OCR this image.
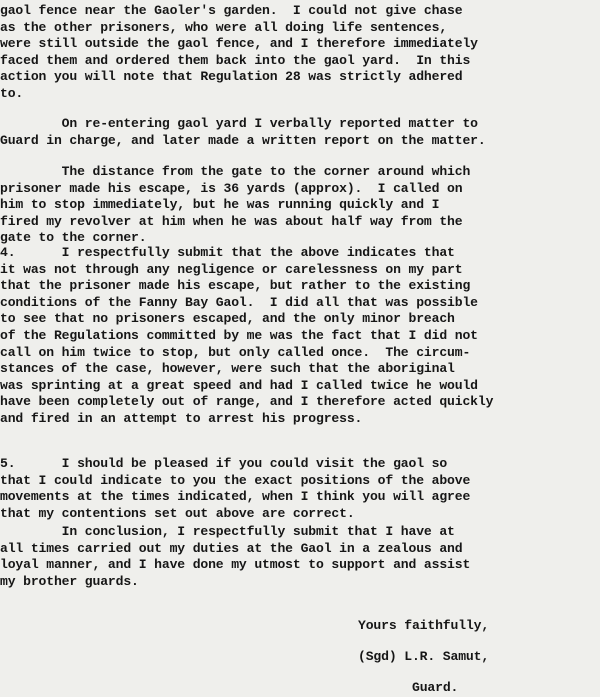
gaol fence near the Gaoler's garden.  I could not give chase
as the other prisoners, who were all doing life sentences,
were still outside the gaol fence, and I therefore immediately
faced them and ordered them back into the gaol yard.  In this
action you will note that Regulation 28 was strictly adhered
to.
On re-entering gaol yard I verbally reported matter to
Guard in charge, and later made a written report on the matter.
The distance from the gate to the corner around which
prisoner made his escape, is 36 yards (approx).  I called on
him to stop immediately, but he was running quickly and I
fired my revolver at him when he was about half way from the
gate to the corner.
4.      I respectfully submit that the above indicates that
it was not through any negligence or carelessness on my part
that the prisoner made his escape, but rather to the existing
conditions of the Fanny Bay Gaol.  I did all that was possible
to see that no prisoners escaped, and the only minor breach
of the Regulations committed by me was the fact that I did not
call on him twice to stop, but only called once.  The circum-
stances of the case, however, were such that the aboriginal
was sprinting at a great speed and had I called twice he would
have been completely out of range, and I therefore acted quickly
and fired in an attempt to arrest his progress.
5.      I should be pleased if you could visit the gaol so
that I could indicate to you the exact positions of the above
movements at the times indicated, when I think you will agree
that my contentions set out above are correct.
In conclusion, I respectfully submit that I have at
all times carried out my duties at the Gaol in a zealous and
loyal manner, and I have done my utmost to support and assist
my brother guards.
Yours faithfully,
(Sgd) L.R. Samut,
Guard.
